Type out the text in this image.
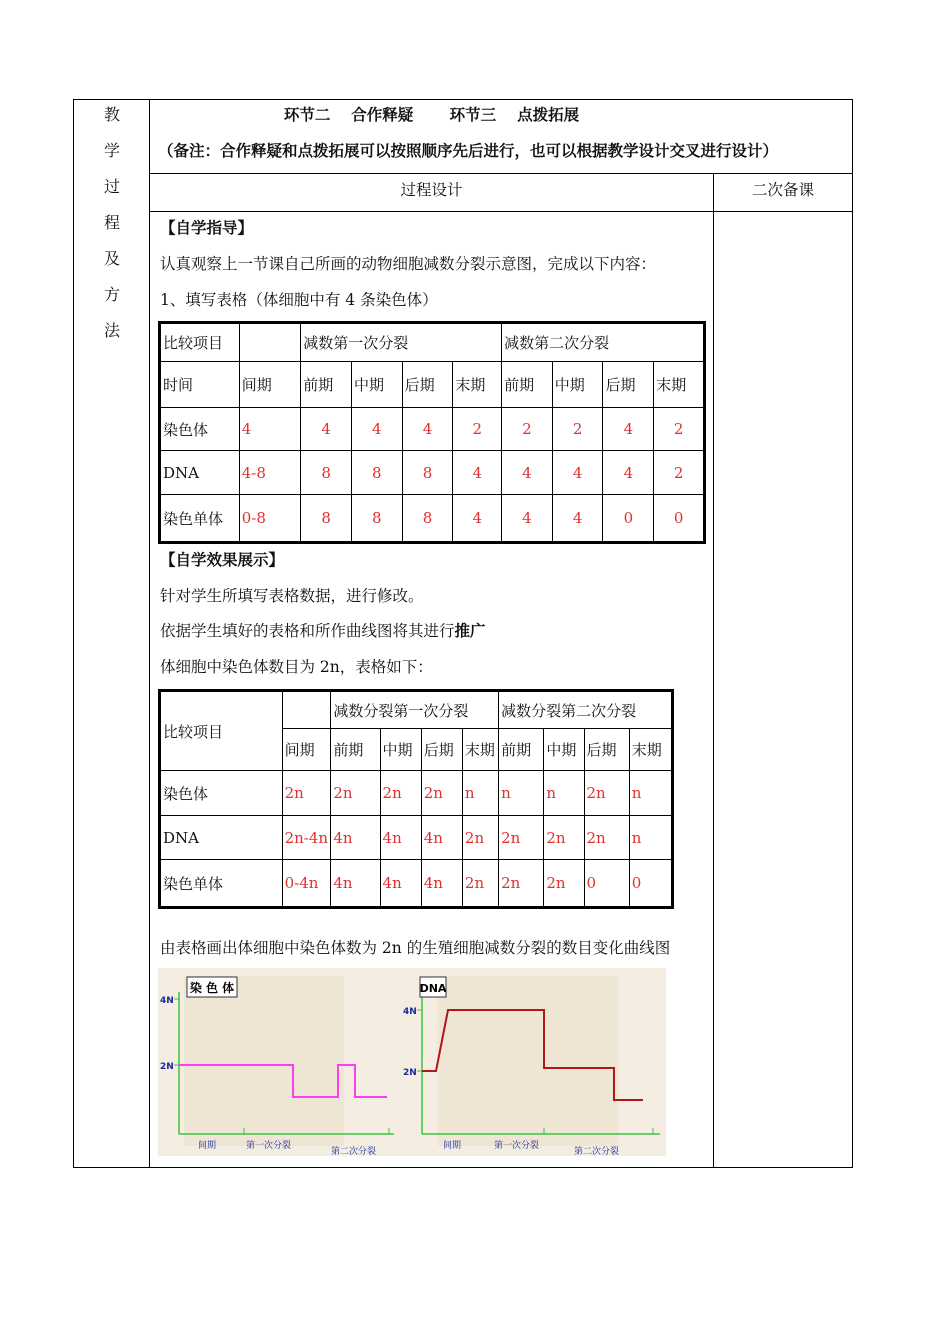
教
学
过
程
及
方
法
环节二　 合作释疑　　 环节三　 点拨拓展
（备注：合作释疑和点拨拓展可以按照顺序先后进行，也可以根据教学设计交叉进行设计）
过程设计	二次备课
【自学指导】
认真观察上一节课自己所画的动物细胞减数分裂示意图，完成以下内容：
1、填写表格（体细胞中有 4 条染色体）
比较项目		减数第一次分裂				减数第二次分裂			
时间	间期	前期	中期	后期	末期	前期	中期	后期	末期
染色体	4	4	4	4	2	2	2	4	2
DNA	4-8	8	8	8	4	4	4	4	2
染色单体	0-8	8	8	8	4	4	4	0	0
【自学效果展示】
针对学生所填写表格数据，进行修改。
依据学生填好的表格和所作曲线图将其进行推广
体细胞中染色体数目为 2n，表格如下：
比较项目		减数分裂第一次分裂				减数分裂第二次分裂			
	间期	前期	中期	后期	末期	前期	中期	后期	末期
染色体	2n	2n	2n	2n	n	n	n	2n	n
DNA	2n-4n	4n	4n	4n	2n	2n	2n	2n	n
染色单体	0-4n	4n	4n	4n	2n	2n	2n	0	0
由表格画出体细胞中染色体数为 2n 的生殖细胞减数分裂的数目变化曲线图
染 色 体
4N
2N
间期	第一次分裂
第二次分裂
DNA
4N
2N
间期	第一次分裂
第二次分裂
